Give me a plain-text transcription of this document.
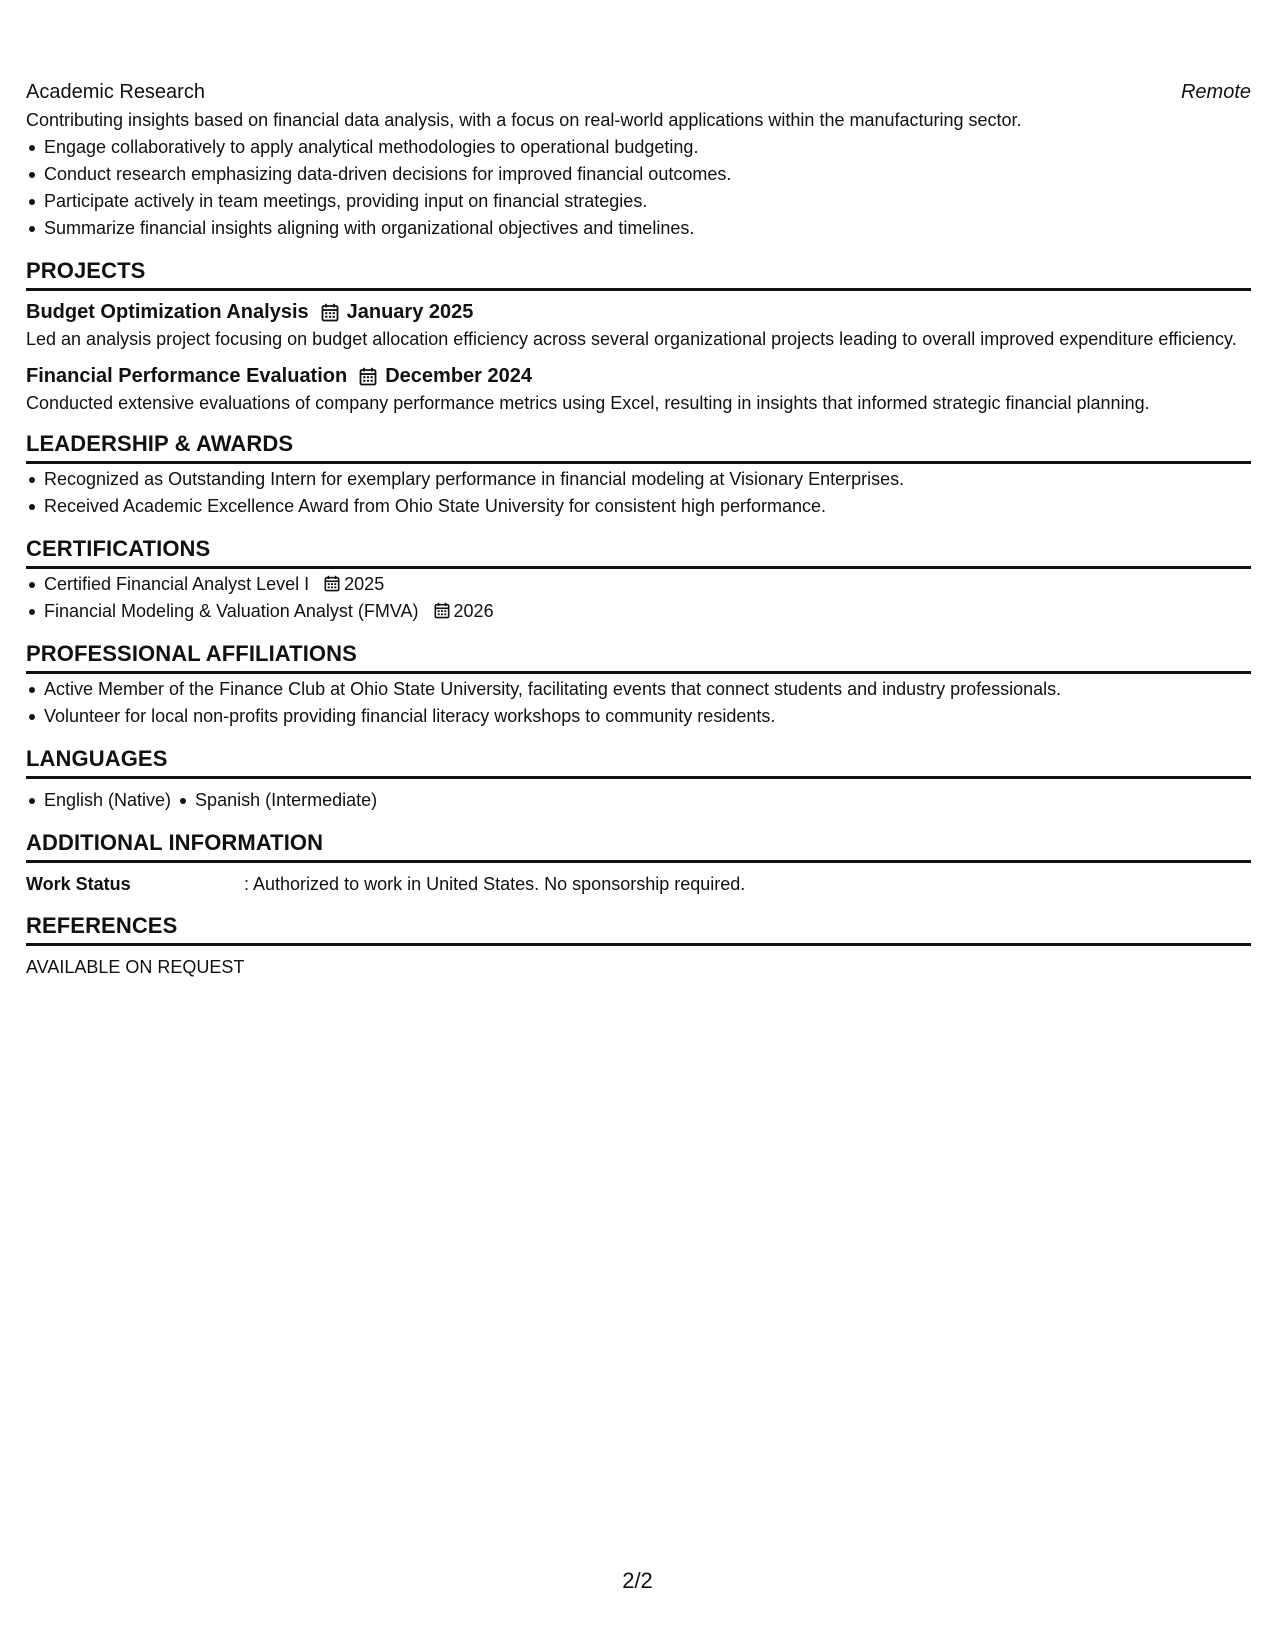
Academic Research	Remote
Contributing insights based on financial data analysis, with a focus on real-world applications within the manufacturing sector.
Engage collaboratively to apply analytical methodologies to operational budgeting.
Conduct research emphasizing data-driven decisions for improved financial outcomes.
Participate actively in team meetings, providing input on financial strategies.
Summarize financial insights aligning with organizational objectives and timelines.
PROJECTS
Budget Optimization Analysis January 2025
Led an analysis project focusing on budget allocation efficiency across several organizational projects leading to overall improved expenditure efficiency.
Financial Performance Evaluation December 2024
Conducted extensive evaluations of company performance metrics using Excel, resulting in insights that informed strategic financial planning.
LEADERSHIP & AWARDS
Recognized as Outstanding Intern for exemplary performance in financial modeling at Visionary Enterprises.
Received Academic Excellence Award from Ohio State University for consistent high performance.
CERTIFICATIONS
Certified Financial Analyst Level I 2025
Financial Modeling & Valuation Analyst (FMVA) 2026
PROFESSIONAL AFFILIATIONS
Active Member of the Finance Club at Ohio State University, facilitating events that connect students and industry professionals.
Volunteer for local non-profits providing financial literacy workshops to community residents.
LANGUAGES
English (Native) Spanish (Intermediate)
ADDITIONAL INFORMATION
Work Status	: Authorized to work in United States. No sponsorship required.
REFERENCES
AVAILABLE ON REQUEST
2/2
